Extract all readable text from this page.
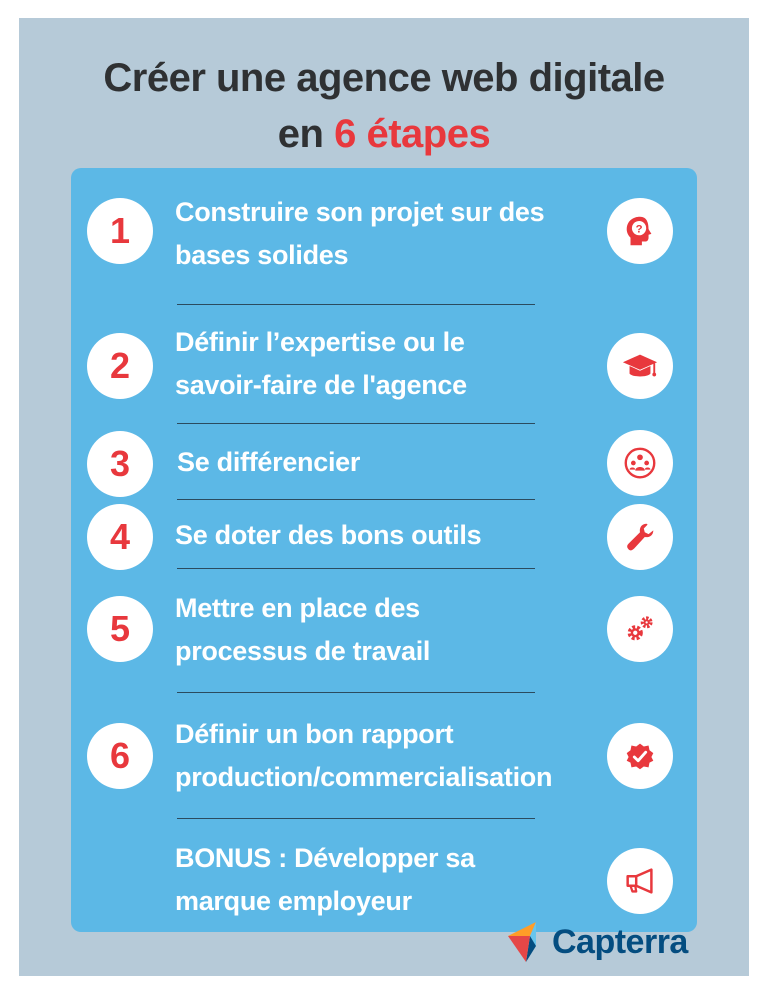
Créer une agence web digitale
en 6 étapes
1	Construire son projet sur des
bases solides
?
2
Définir l’expertise ou le
savoir-faire de l'agence
3	Se différencier
4	Se doter des bons outils
5	Mettre en place des
processus de travail
6
Définir un bon rapport
production/commercialisation
BONUS : Développer sa
marque employeur
Capterra
